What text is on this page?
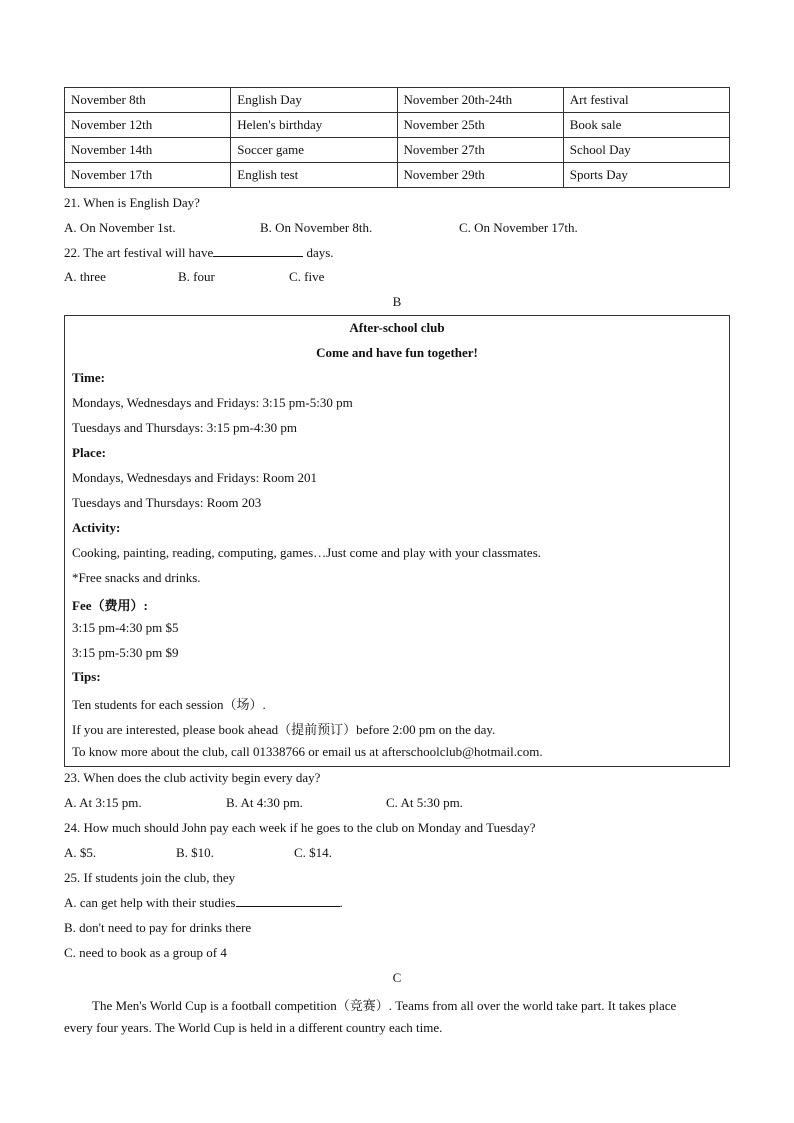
November 8th	English Day	November 20th-24th	Art festival
November 12th	Helen's birthday	November 25th	Book sale
November 14th	Soccer game	November 27th	School Day
November 17th	English test	November 29th	Sports Day
21. When is English Day?
A. On November 1st.	B. On November 8th.	C. On November 17th.
22. The art festival will have	days.
A. three	B. four	C. five
B
After-school club
Come and have fun together!
Time:
Mondays, Wednesdays and Fridays: 3:15 pm-5:30 pm
Tuesdays and Thursdays: 3:15 pm-4:30 pm
Place:
Mondays, Wednesdays and Fridays: Room 201
Tuesdays and Thursdays: Room 203
Activity:
Cooking, painting, reading, computing, games…Just come and play with your classmates.
*Free snacks and drinks.
Fee（费用）:
3:15 pm-4:30 pm $5
3:15 pm-5:30 pm $9
Tips:
Ten students for each session（场）.
If you are interested, please book ahead（提前预订）before 2:00 pm on the day.
To know more about the club, call 01338766 or email us at afterschoolclub@hotmail.com.
23. When does the club activity begin every day?
A. At 3:15 pm.	B. At 4:30 pm.	C. At 5:30 pm.
24. How much should John pay each week if he goes to the club on Monday and Tuesday?
A. $5.	B. $10.	C. $14.
25. If students join the club, they
A. can get help with their studies	.
B. don't need to pay for drinks there
C. need to book as a group of 4
C
The Men's World Cup is a football competition（竞赛）. Teams from all over the world take part. It takes place
every four years. The World Cup is held in a different country each time.
